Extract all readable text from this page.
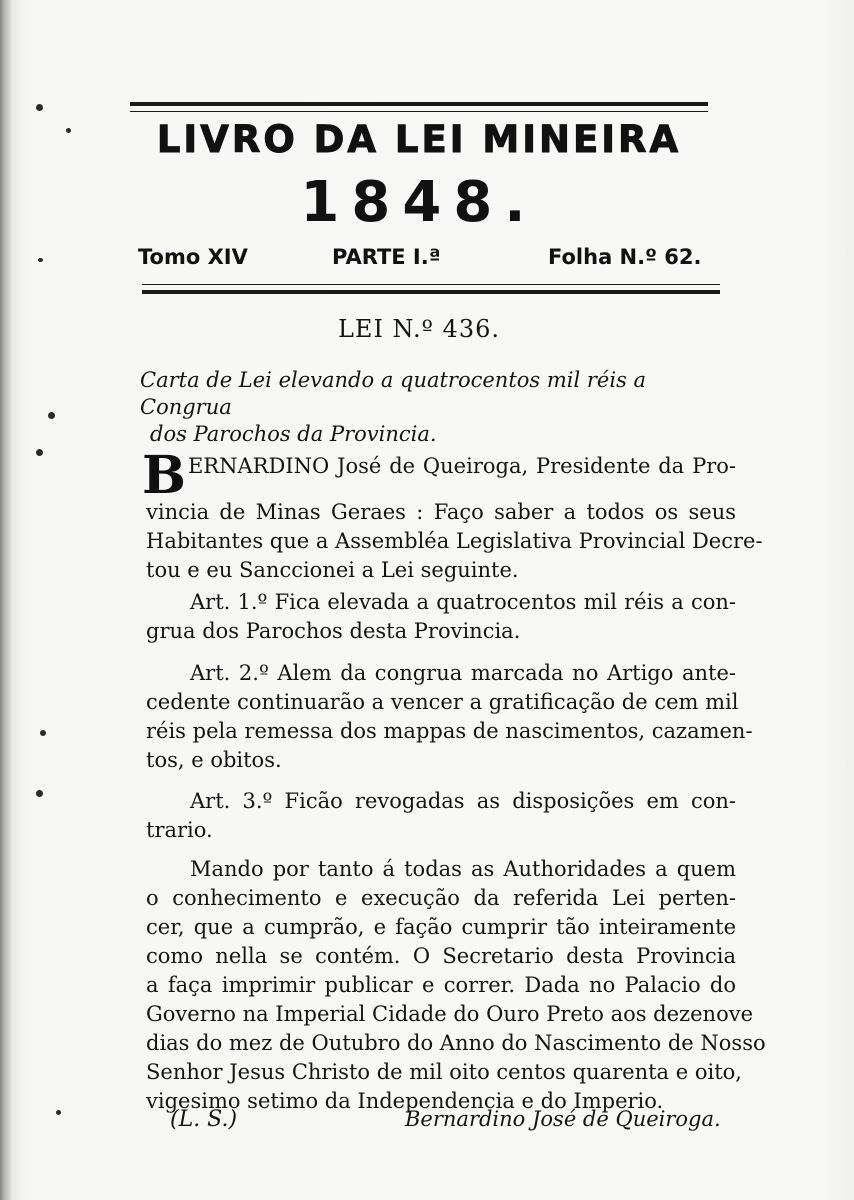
LIVRO DA LEI MINEIRA
1848.
Tomo XIV	PARTE I.ª	Folha N.º 62.
LEI N.º 436.
Carta de Lei elevando a quatrocentos mil réis a Congrua
dos Parochos da Provincia.
B ERNARDINO José de Queiroga, Presidente da Pro-
vincia de Minas Geraes : Faço saber a todos os seus
Habitantes que a Assembléa Legislativa Provincial Decre-
tou e eu Sanccionei a Lei seguinte.
Art. 1.º Fica elevada a quatrocentos mil réis a con-
grua dos Parochos desta Provincia.
Art. 2.º Alem da congrua marcada no Artigo ante-
cedente continuarão a vencer a gratificação de cem mil
réis pela remessa dos mappas de nascimentos, cazamen-
tos, e obitos.
Art. 3.º Ficão revogadas as disposições em con-
trario.
Mando por tanto á todas as Authoridades a quem
o conhecimento e execução da referida Lei perten-
cer, que a cumprão, e fação cumprir tão inteiramente
como nella se contém. O Secretario desta Provincia
a faça imprimir publicar e correr. Dada no Palacio do
Governo na Imperial Cidade do Ouro Preto aos dezenove
dias do mez de Outubro do Anno do Nascimento de Nosso
Senhor Jesus Christo de mil oito centos quarenta e oito,
vigesimo setimo da Independencia e do Imperio.
(L. S.)	Bernardino José de Queiroga.
